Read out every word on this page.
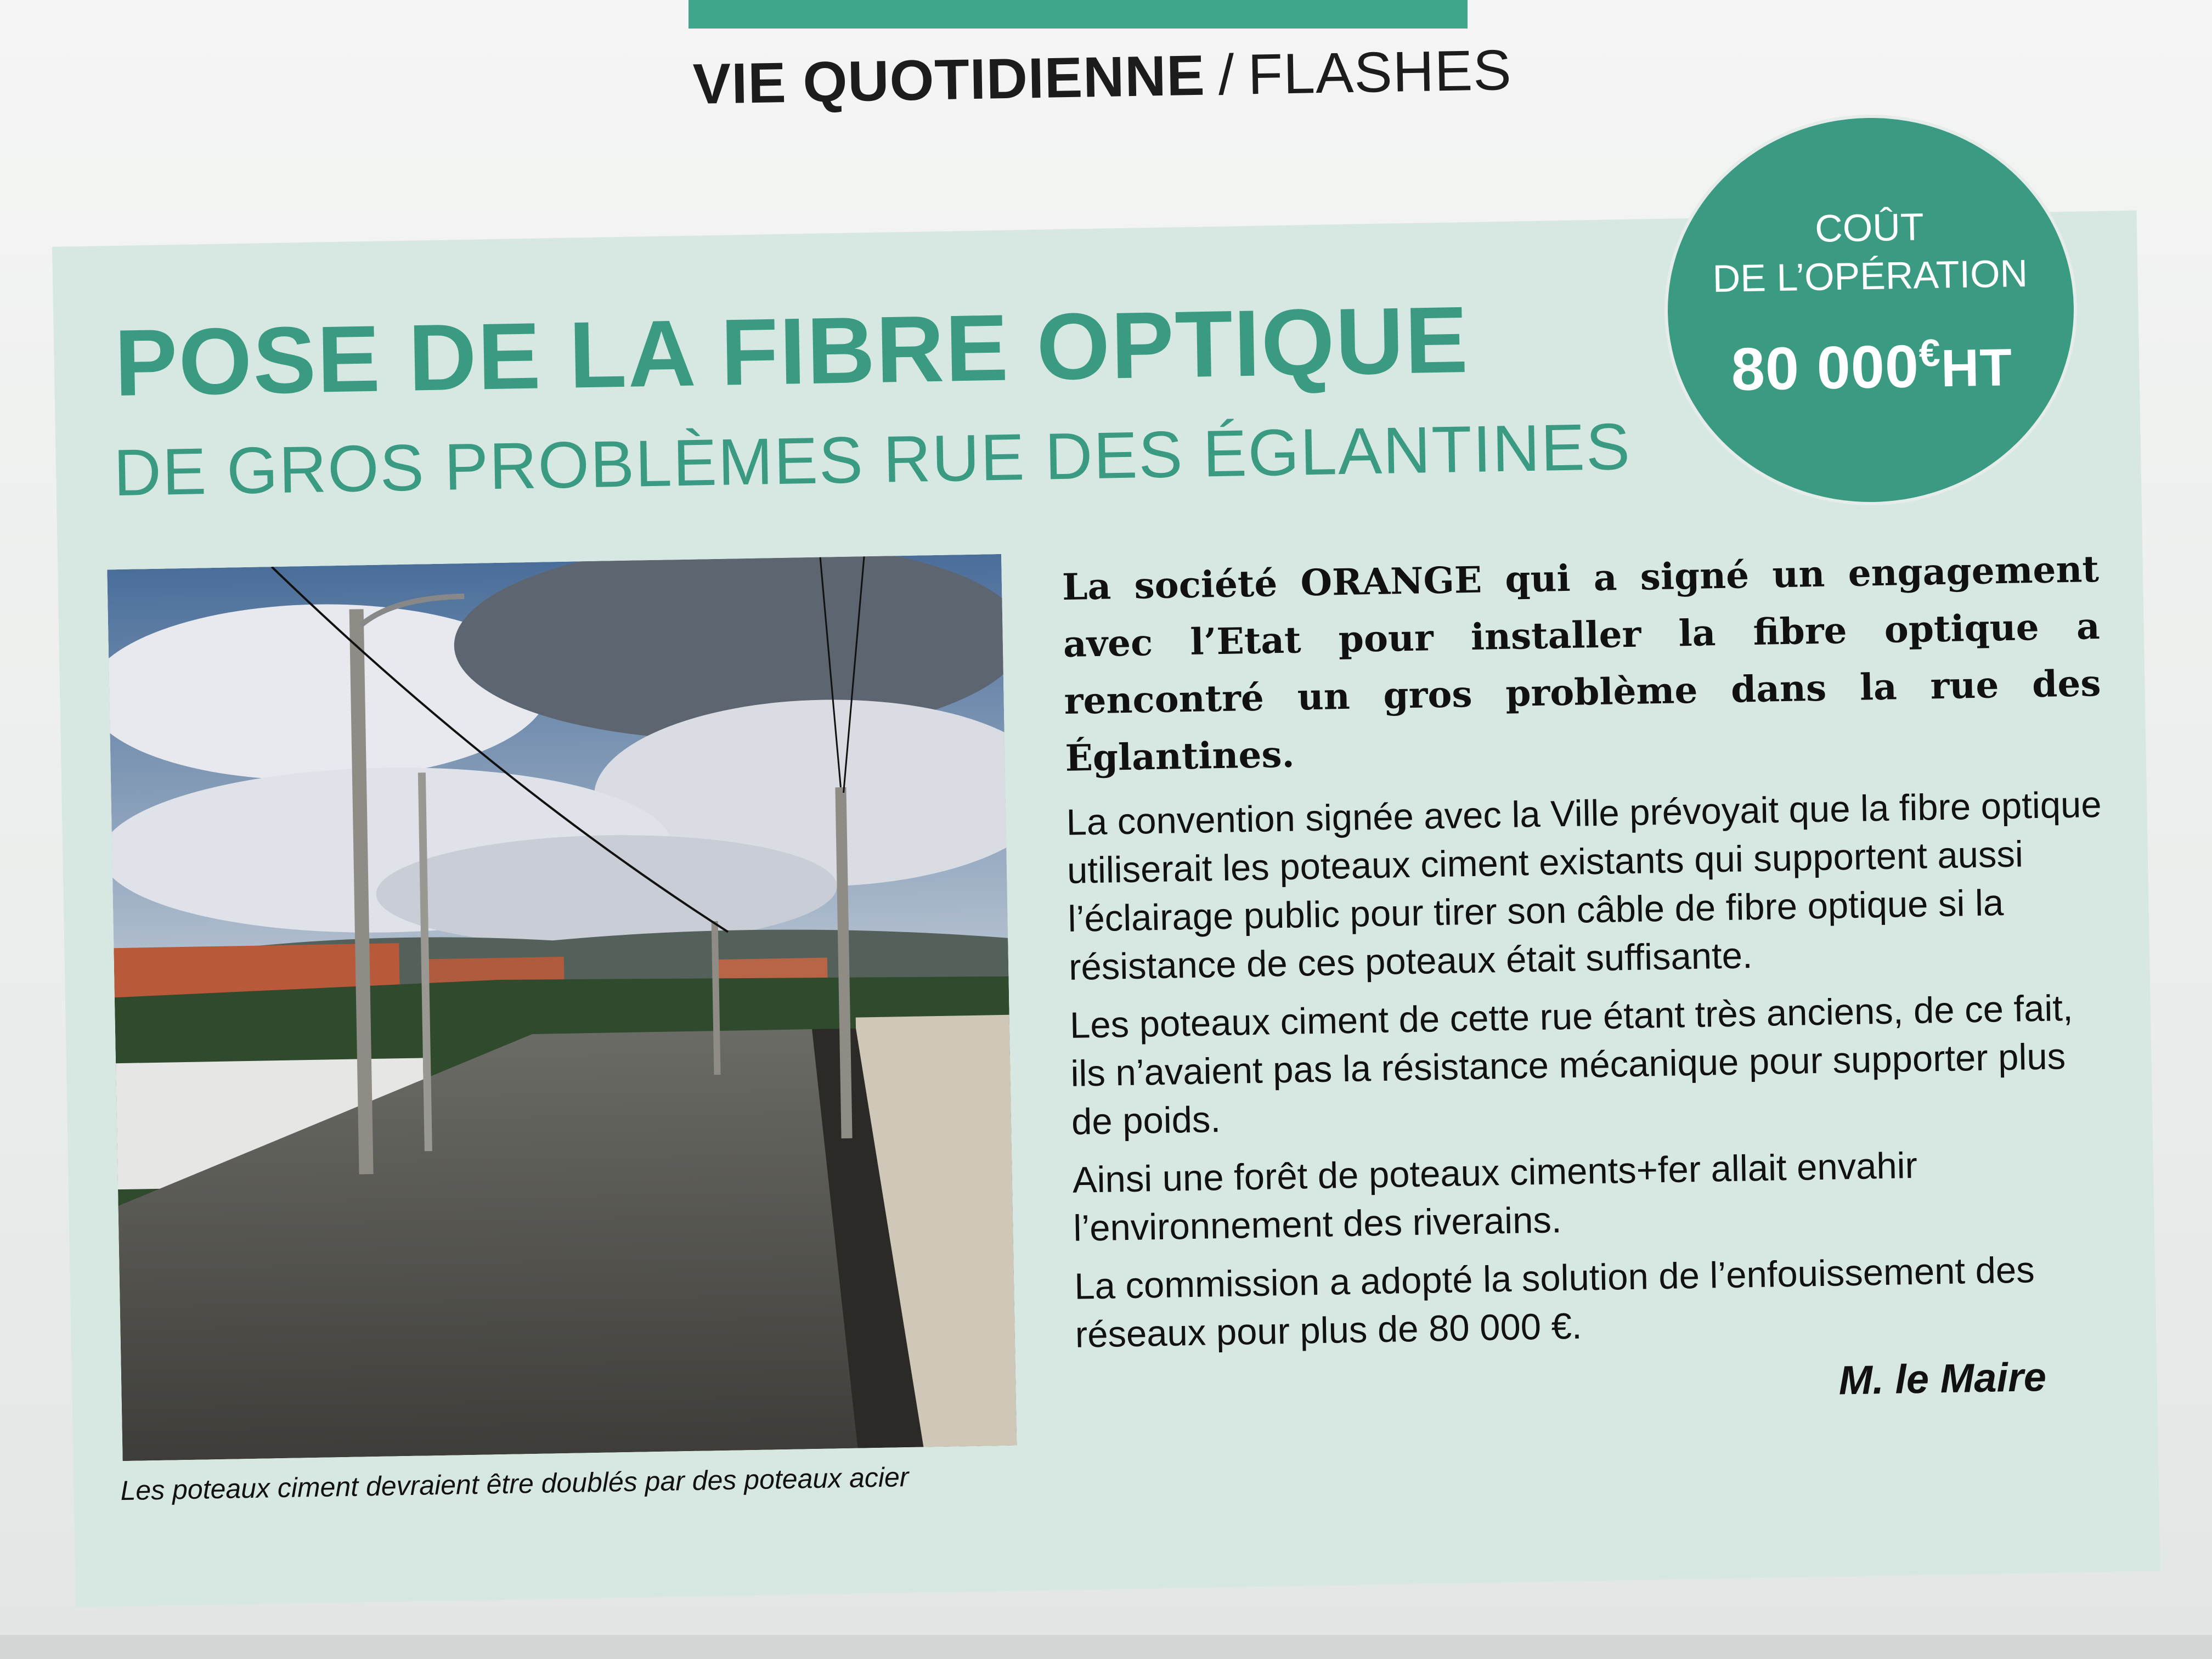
VIE QUOTIDIENNE / FLASHES
POSE DE LA FIBRE OPTIQUE
DE GROS PROBLÈMES RUE DES ÉGLANTINES
Les poteaux ciment devraient être doublés par des poteaux acier

La société ORANGE qui a signé un engagement avec l’Etat pour installer la fibre optique a rencontré un gros problème dans la rue des Églantines.

La convention signée avec la Ville prévoyait que la fibre optique utiliserait les poteaux ciment existants qui supportent aussi l’éclairage public pour tirer son câble de fibre optique si la résistance de ces poteaux était suffisante.

Les poteaux ciment de cette rue étant très anciens, de ce fait, ils n’avaient pas la résistance mécanique pour supporter plus de poids.

Ainsi une forêt de poteaux ciments+fer allait envahir l’environnement des riverains.

La commission a adopté la solution de l’enfouissement des réseaux pour plus de 80 000 €.

M. le Maire
COÛT
DE L’OPÉRATION
80 000€HT
